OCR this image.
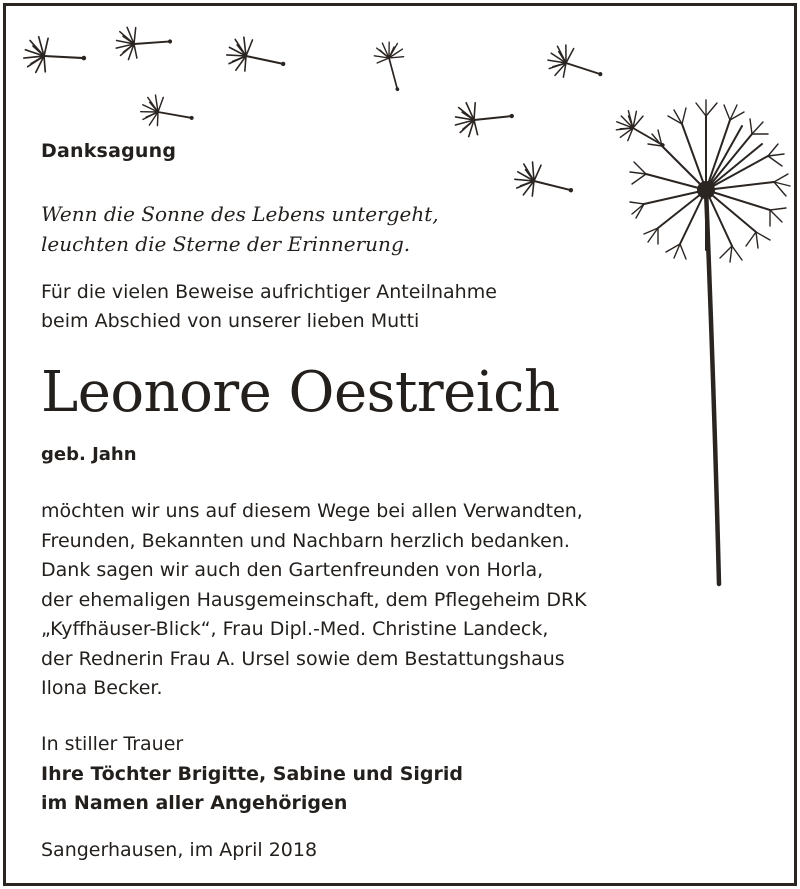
Danksagung
Wenn die Sonne des Lebens untergeht,
leuchten die Sterne der Erinnerung.
Für die vielen Beweise aufrichtiger Anteilnahme
beim Abschied von unserer lieben Mutti
Leonore Oestreich
geb. Jahn
möchten wir uns auf diesem Wege bei allen Verwandten,
Freunden, Bekannten und Nachbarn herzlich bedanken.
Dank sagen wir auch den Gartenfreunden von Horla,
der ehemaligen Hausgemeinschaft, dem Pflegeheim DRK
„Kyffhäuser-Blick“, Frau Dipl.-Med. Christine Landeck,
der Rednerin Frau A. Ursel sowie dem Bestattungshaus
Ilona Becker.
In stiller Trauer
Ihre Töchter Brigitte, Sabine und Sigrid
im Namen aller Angehörigen
Sangerhausen, im April 2018
